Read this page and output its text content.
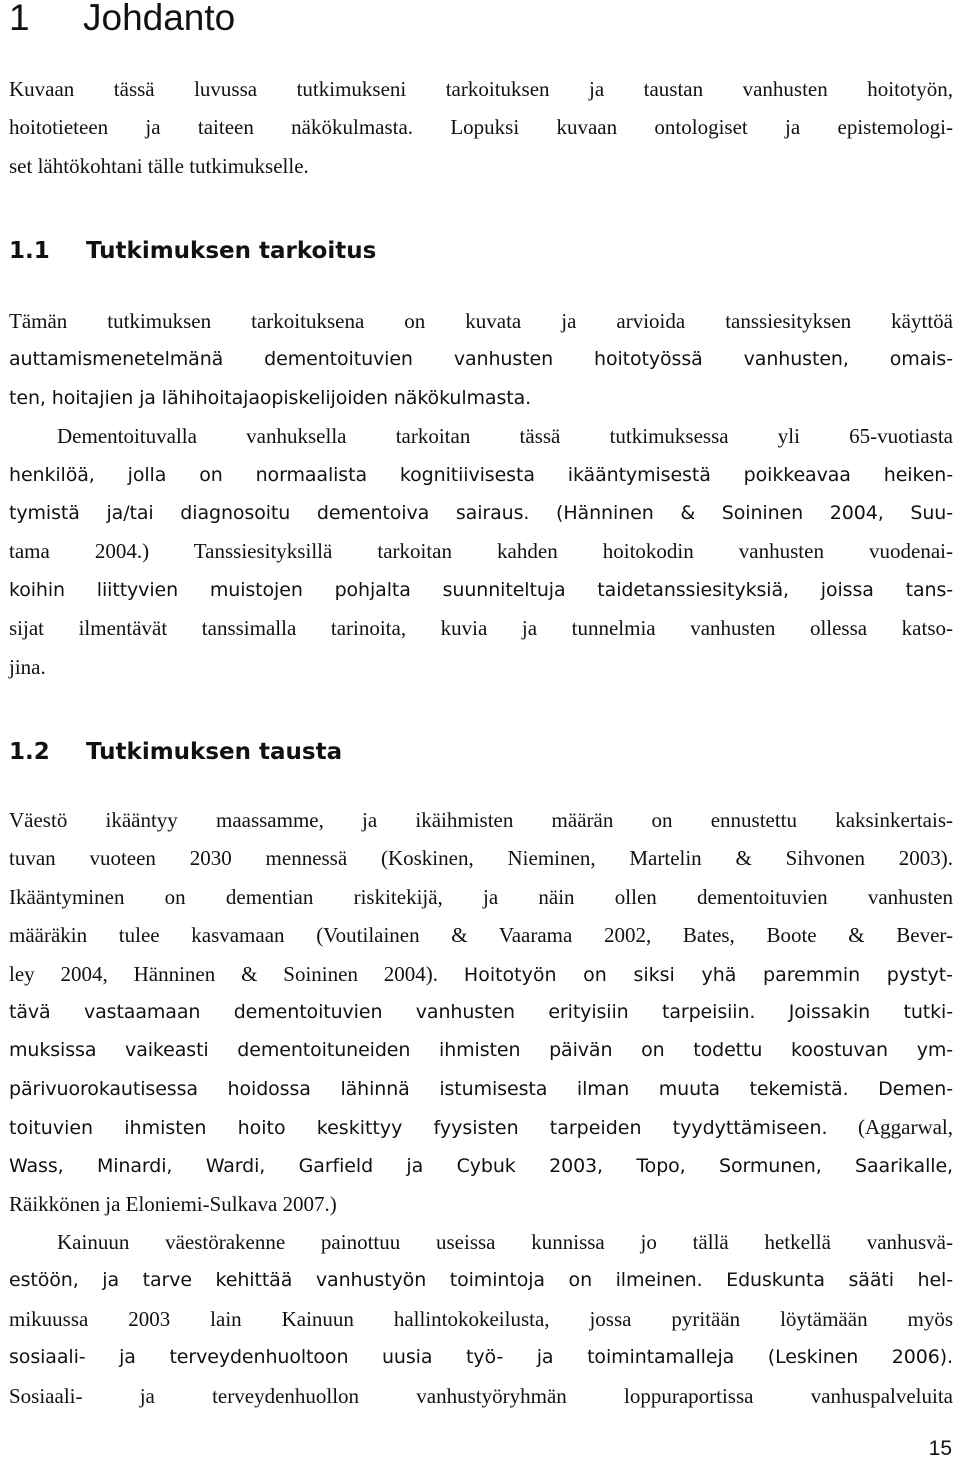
1 Johdanto
Kuvaan tässä luvussa tutkimukseni tarkoituksen ja taustan vanhusten hoitotyön,
hoitotieteen ja taiteen näkökulmasta. Lopuksi kuvaan ontologiset ja epistemologi-
set lähtökohtani tälle tutkimukselle.
1.1 Tutkimuksen tarkoitus
Tämän tutkimuksen tarkoituksena on kuvata ja arvioida tanssiesityksen käyttöä
auttamismenetelmänä dementoituvien vanhusten hoitotyössä vanhusten, omais-
ten, hoitajien ja lähihoitajaopiskelijoiden näkökulmasta.
Dementoituvalla vanhuksella tarkoitan tässä tutkimuksessa yli 65-vuotiasta
henkilöä, jolla on normaalista kognitiivisesta ikääntymisestä poikkeavaa heiken-
tymistä ja/tai diagnosoitu dementoiva sairaus. (Hänninen & Soininen 2004, Suu-
tama 2004.) Tanssiesityksillä tarkoitan kahden hoitokodin vanhusten vuodenai-
koihin liittyvien muistojen pohjalta suunniteltuja taidetanssiesityksiä, joissa tans-
sijat ilmentävät tanssimalla tarinoita, kuvia ja tunnelmia vanhusten ollessa katso-
jina.
1.2 Tutkimuksen tausta
Väestö ikääntyy maassamme, ja ikäihmisten määrän on ennustettu kaksinkertais-
tuvan vuoteen 2030 mennessä (Koskinen, Nieminen, Martelin & Sihvonen 2003).
Ikääntyminen on dementian riskitekijä, ja näin ollen dementoituvien vanhusten
määräkin tulee kasvamaan (Voutilainen & Vaarama 2002, Bates, Boote & Bever-
ley 2004, Hänninen & Soininen 2004). Hoitotyön on siksi yhä paremmin pystyt-
tävä vastaamaan dementoituvien vanhusten erityisiin tarpeisiin. Joissakin tutki-
muksissa vaikeasti dementoituneiden ihmisten päivän on todettu koostuvan ym-
pärivuorokautisessa hoidossa lähinnä istumisesta ilman muuta tekemistä. Demen-
toituvien ihmisten hoito keskittyy fyysisten tarpeiden tyydyttämiseen. (Aggarwal,
Wass, Minardi, Wardi, Garfield ja Cybuk 2003, Topo, Sormunen, Saarikalle,
Räikkönen ja Eloniemi-Sulkava 2007.)
Kainuun väestörakenne painottuu useissa kunnissa jo tällä hetkellä vanhusvä-
estöön, ja tarve kehittää vanhustyön toimintoja on ilmeinen. Eduskunta sääti hel-
mikuussa 2003 lain Kainuun hallintokokeilusta, jossa pyritään löytämään myös
sosiaali- ja terveydenhuoltoon uusia työ- ja toimintamalleja (Leskinen 2006).
Sosiaali- ja terveydenhuollon vanhustyöryhmän loppuraportissa vanhuspalveluita
15
